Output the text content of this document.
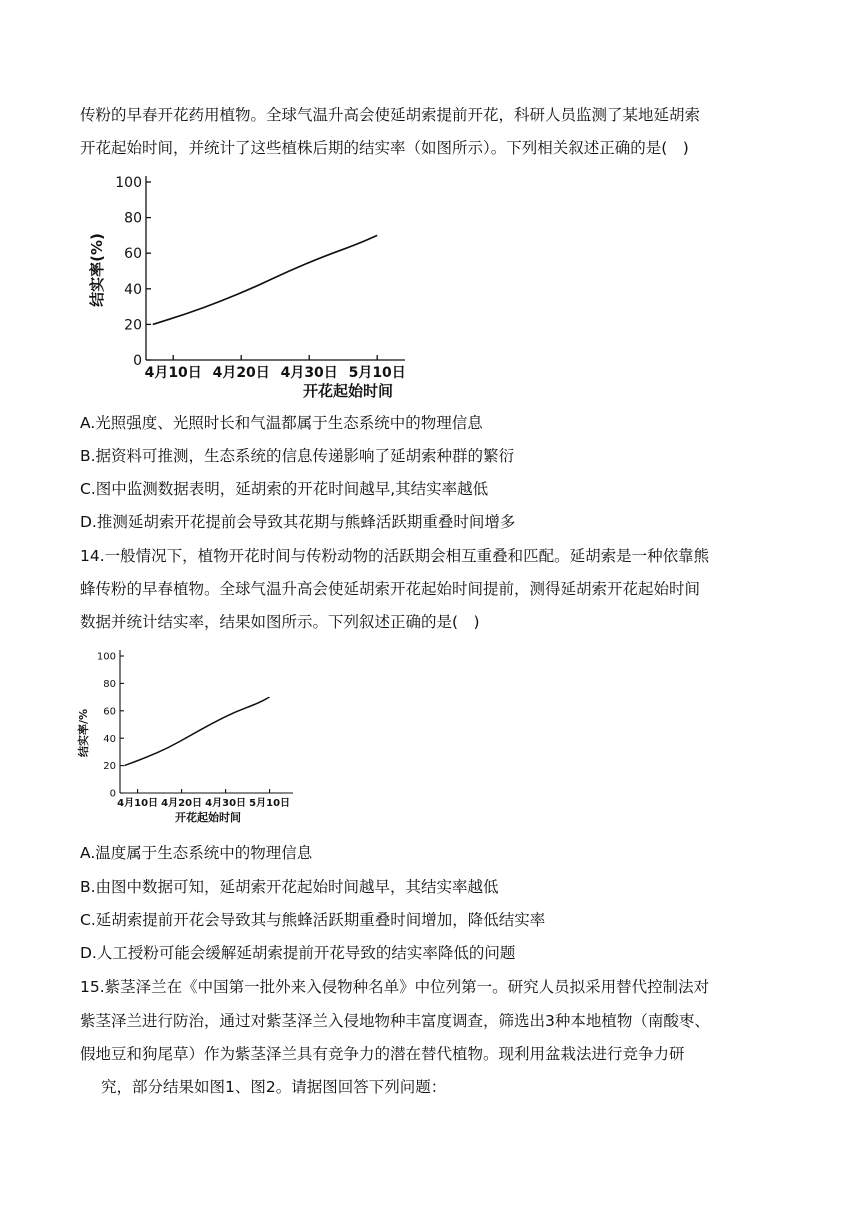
传粉的早春开花药用植物。全球气温升高会使延胡索提前开花，科研人员监测了某地延胡索
开花起始时间，并统计了这些植株后期的结实率（如图所示）。下列相关叙述正确的是(　)
0
20
40
60
80
100
4月10日 4月20日 4月30日 5月10日
开花起始时间
结实率(%)
A.光照强度、光照时长和气温都属于生态系统中的物理信息
B.据资料可推测，生态系统的信息传递影响了延胡索种群的繁衍
C.图中监测数据表明，延胡索的开花时间越早,其结实率越低
D.推测延胡索开花提前会导致其花期与熊蜂活跃期重叠时间增多
14.一般情况下，植物开花时间与传粉动物的活跃期会相互重叠和匹配。延胡索是一种依靠熊
蜂传粉的早春植物。全球气温升高会使延胡索开花起始时间提前，测得延胡索开花起始时间
数据并统计结实率，结果如图所示。下列叙述正确的是(　)
0
20
40
60
80
100
4月10日 4月20日 4月30日 5月10日
开花起始时间
结实率/%
A.温度属于生态系统中的物理信息
B.由图中数据可知，延胡索开花起始时间越早，其结实率越低
C.延胡索提前开花会导致其与熊蜂活跃期重叠时间增加，降低结实率
D.人工授粉可能会缓解延胡索提前开花导致的结实率降低的问题
15.紫茎泽兰在《中国第一批外来入侵物种名单》中位列第一。研究人员拟采用替代控制法对
紫茎泽兰进行防治，通过对紫茎泽兰入侵地物种丰富度调查，筛选出3种本地植物（南酸枣、
假地豆和狗尾草）作为紫茎泽兰具有竞争力的潜在替代植物。现利用盆栽法进行竞争力研
究，部分结果如图1、图2。请据图回答下列问题：
